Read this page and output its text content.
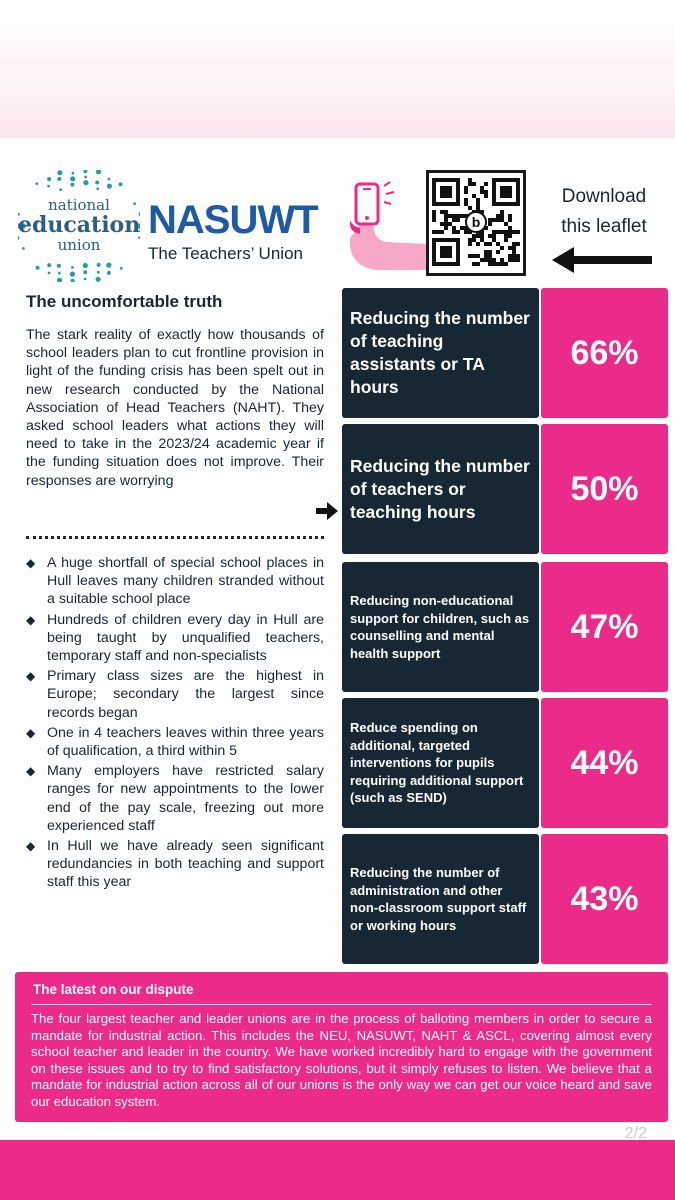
2/2
national
education
union
NASUWT
The Teachers’ Union
b
Download
this leaflet
The uncomfortable truth
The stark reality of exactly how thousands of school leaders plan to cut frontline provision in light of the funding crisis has been spelt out in new research conducted by the National Association of Head Teachers (NAHT). They asked school leaders what actions they will need to take in the 2023/24 academic year if the funding situation does not improve. Their responses are worrying
◆ A huge shortfall of special school places in Hull leaves many children stranded without a suitable school place
◆ Hundreds of children every day in Hull are being taught by unqualified teachers, temporary staff and non-specialists
◆ Primary class sizes are the highest in Europe; secondary the largest since records began
◆ One in 4 teachers leaves within three years of qualification, a third within 5
◆ Many employers have restricted salary ranges for new appointments to the lower end of the pay scale, freezing out more experienced staff
◆ In Hull we have already seen significant redundancies in both teaching and support staff this year
Reducing the number of teaching assistants or TA hours
66%
Reducing the number of teachers or teaching hours
50%
Reducing non-educational support for children, such as counselling and mental health support
47%
Reduce spending on additional, targeted interventions for pupils requiring additional support (such as SEND)
44%
Reducing the number of administration and other non-classroom support staff or working hours
43%
The latest on our dispute
The four largest teacher and leader unions are in the process of balloting members in order to secure a mandate for industrial action. This includes the NEU, NASUWT, NAHT & ASCL, covering almost every school teacher and leader in the country. We have worked incredibly hard to engage with the government on these issues and to try to find satisfactory solutions, but it simply refuses to listen. We believe that a mandate for industrial action across all of our unions is the only way we can get our voice heard and save our education system.
